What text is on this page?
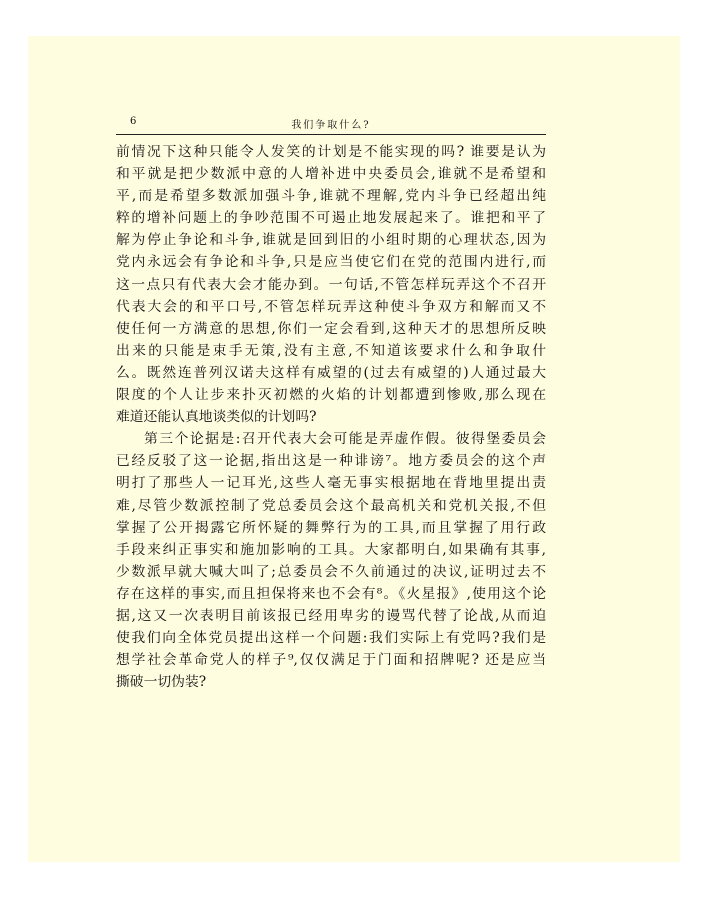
6	我们争取什么?

前情况下这种只能令人发笑的计划是不能实现的吗? 谁要是认为
和平就是把少数派中意的人增补进中央委员会,谁就不是希望和
平,而是希望多数派加强斗争,谁就不理解,党内斗争已经超出纯
粹的增补问题上的争吵范围不可遏止地发展起来了。谁把和平了
解为停止争论和斗争,谁就是回到旧的小组时期的心理状态,因为
党内永远会有争论和斗争,只是应当使它们在党的范围内进行,而
这一点只有代表大会才能办到。一句话,不管怎样玩弄这个不召开
代表大会的和平口号,不管怎样玩弄这种使斗争双方和解而又不
使任何一方满意的思想,你们一定会看到,这种天才的思想所反映
出来的只能是束手无策,没有主意,不知道该要求什么和争取什
么。既然连普列汉诺夫这样有威望的(过去有威望的)人通过最大
限度的个人让步来扑灭初燃的火焰的计划都遭到惨败,那么现在
难道还能认真地谈类似的计划吗?

第三个论据是:召开代表大会可能是弄虚作假。彼得堡委员会
已经反驳了这一论据,指出这是一种诽谤⁷。地方委员会的这个声
明打了那些人一记耳光,这些人毫无事实根据地在背地里提出责
难,尽管少数派控制了党总委员会这个最高机关和党机关报,不但
掌握了公开揭露它所怀疑的舞弊行为的工具,而且掌握了用行政
手段来纠正事实和施加影响的工具。大家都明白,如果确有其事,
少数派早就大喊大叫了;总委员会不久前通过的决议,证明过去不
存在这样的事实,而且担保将来也不会有⁸。《火星报》,使用这个论
据,这又一次表明目前该报已经用卑劣的谩骂代替了论战,从而迫
使我们向全体党员提出这样一个问题:我们实际上有党吗?我们是
想学社会革命党人的样子⁹,仅仅满足于门面和招牌呢? 还是应当
撕破一切伪装?
